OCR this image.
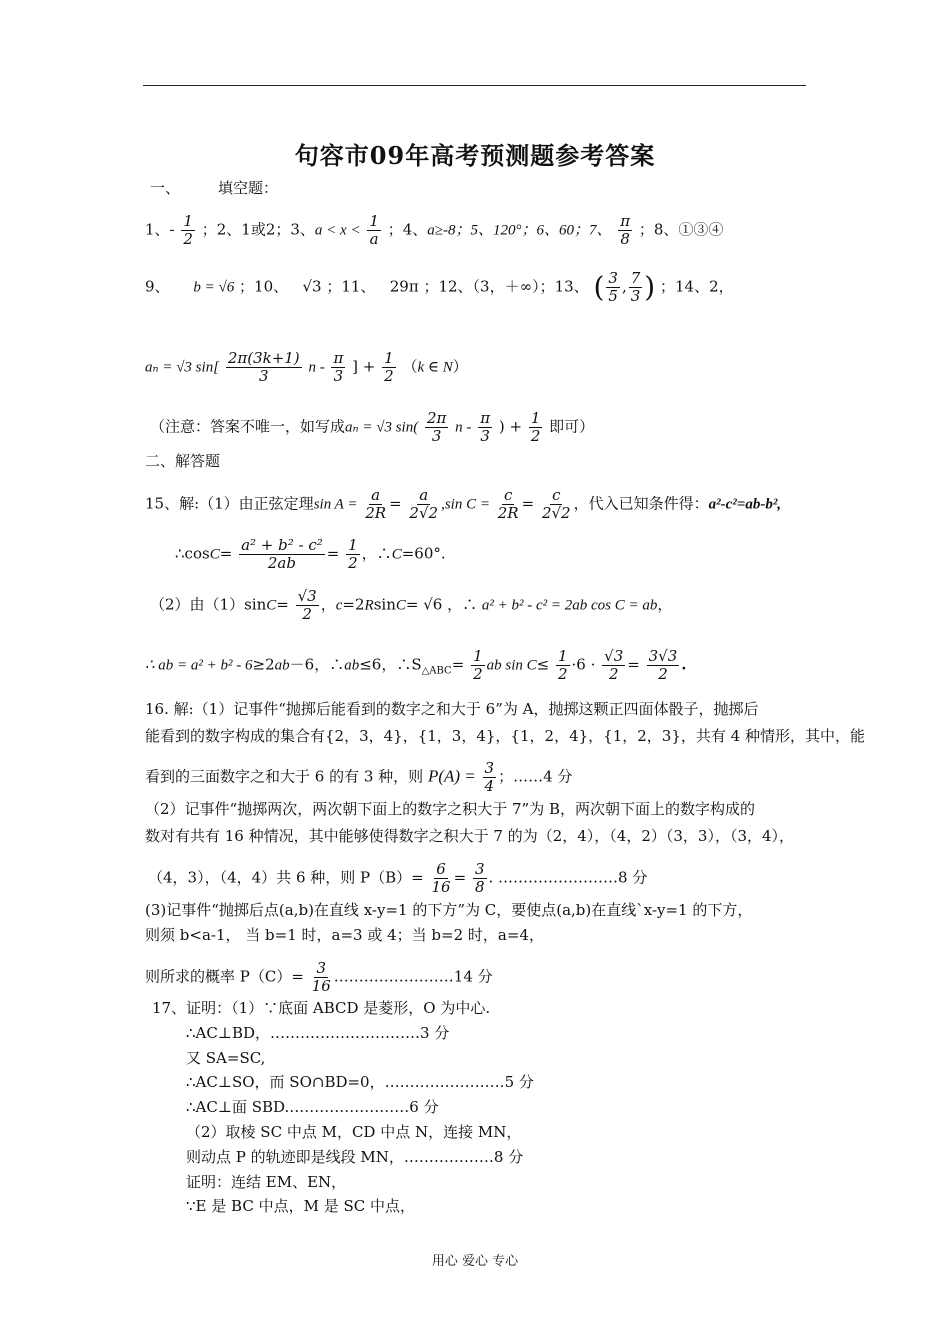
句容市09年高考预测题参考答案
一、	填空题：
1、- $\frac{1}{2}$ ；2、1或2；3、$a < x < \frac{1}{a}$ ；4、a≥-8；5、120°；6、60；7、 $\frac{\pi}{8}$ ；8、①③④
9、 b = √6 ；10、 √3 ；11、 29π ；12、（3，＋∞）；13、 ( $\frac{3}{5}$ , $\frac{7}{3}$ ) ；14、2，
aₙ = √3 $\sin[ \frac{2\pi(3k+1)}{3}$ n - $\frac{\pi}{3}$ ] + $\frac{1}{2} (k$ ∈ N）
（注意：答案不唯一，如写成aₙ = √3 $\sin( \frac{2\pi}{3}$ n - $\frac{\pi}{3}$ ) + $\frac{1}{2}$ 即可）
二、解答题
15、解:（1）由正弦定理$\sin A = \frac{a}{2R} = \frac{a}{2√2} ,\sin$ $C = \frac{c}{2R} = \frac{c}{2√2}$ ，代入已知条件得：a²-c²=ab-b²,
∴cosC= $\frac{\text{a² + b² - c²}}{2ab} = \frac{1}{2}$ ，∴C=60°.
（2）由$(1)\sin C= \frac{√3}{2}$ ，c=2RsinC= √6 ，∴ a² + b² - c² = 2ab cos C = ab，
∴ ab = a² + b² - 6≥2ab－6，∴ab≤6，$\therefore S_{\triangle ABC}= \frac{1}{2}$ ab $\sin C\le \frac{1}{2} \cdot 6 \cdot \frac{√3}{2} = \frac{3√3}{2}$ .
16. 解:（1）记事件“抛掷后能看到的数字之和大于 6”为 A，抛掷这颗正四面体骰子，抛掷后
能看到的数字构成的集合有{2，3，4}，{1，3，4}，{1，2，4}，{1，2，3}，共有 4 种情形，其中，能
看到的三面数字之和大于 6 的有 3 种，则 $P(A) = \frac{3}{4}$ ；……4 分
（2）记事件“抛掷两次，两次朝下面上的数字之积大于 7”为 B，两次朝下面上的数字构成的
数对有共有 16 种情况，其中能够使得数字之积大于 7 的为（2，4），（4，2）（3，3），（3，4），
（4，3），（4，4）共 6 种，则 $P(B)= \frac{6}{16} = \frac{3}{8}$ . ……………………8 分
(3)记事件“抛掷后点(a,b)在直线 x-y=1 的下方”为 C，要使点(a,b)在直线`x-y=1 的下方，
则须 b<a-1， 当 b=1 时，a=3 或 4；当 b=2 时，a=4，
则所求的概率 $P(C)= \frac{3}{16}$ ……………………14 分
17、证明：（1）∵底面 ABCD 是菱形，O 为中心.
∴AC⊥BD，…………………………3 分
又 SA=SC,
∴AC⊥SO，而 SO∩BD=0，……………………5 分
∴AC⊥面 SBD.……………………6 分
（2）取棱 SC 中点 M，CD 中点 N，连接 MN，
则动点 P 的轨迹即是线段 MN，………………8 分
证明：连结 EM、EN，
∵E 是 BC 中点，M 是 SC 中点，
用心 爱心 专心
